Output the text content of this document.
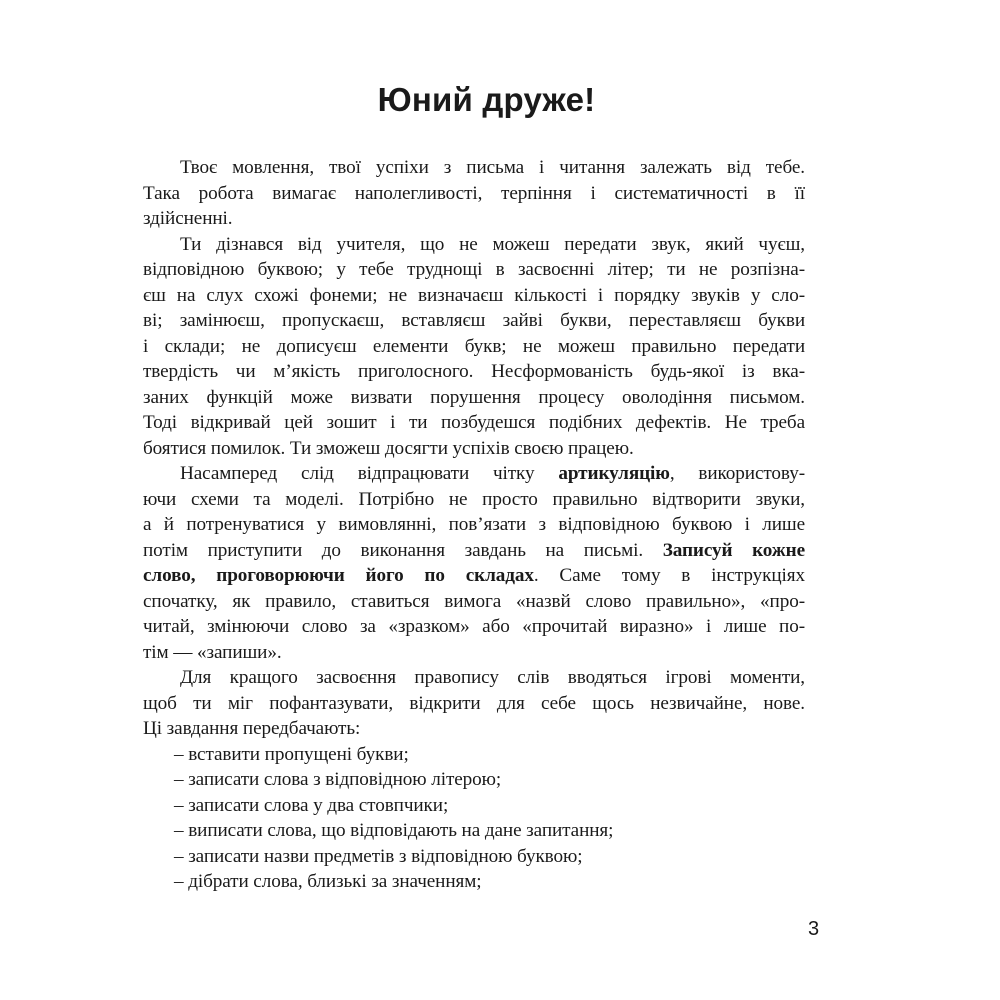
Юний друже!
Твоє мовлення, твої успіхи з письма і читання залежать від тебе.
Така робота вимагає наполегливості, терпіння і систематичності в її
здійсненні.
Ти дізнався від учителя, що не можеш передати звук, який чуєш,
відповідною буквою; у тебе труднощі в засвоєнні літер; ти не розпізна-
єш на слух схожі фонеми; не визначаєш кількості і порядку звуків у сло-
ві; замінюєш, пропускаєш, вставляєш зайві букви, переставляєш букви
і склади; не дописуєш елементи букв; не можеш правильно передати
твердість чи м’якість приголосного. Несформованість будь-якої із вка-
заних функцій може визвати порушення процесу оволодіння письмом.
Тоді відкривай цей зошит і ти позбудешся подібних дефектів. Не треба
боятися помилок. Ти зможеш досягти успіхів своєю працею.
Насамперед слід відпрацювати чітку артикуляцію, використову-
ючи схеми та моделі. Потрібно не просто правильно відтворити звуки,
а й потренуватися у вимовлянні, пов’язати з відповідною буквою і лише
потім приступити до виконання завдань на письмі. Записуй кожне
слово, проговорюючи його по складах. Саме тому в інструкціях
спочатку, як правило, ставиться вимога «назвй слово правильно», «про-
читай, змінюючи слово за «зразком» або «прочитай виразно» і лише по-
тім — «запиши».
Для кращого засвоєння правопису слів вводяться ігрові моменти,
щоб ти міг пофантазувати, відкрити для себе щось незвичайне, нове.
Ці завдання передбачають:
– вставити пропущені букви;
– записати слова з відповідною літерою;
– записати слова у два стовпчики;
– виписати слова, що відповідають на дане запитання;
– записати назви предметів з відповідною буквою;
– дібрати слова, близькі за значенням;
3
